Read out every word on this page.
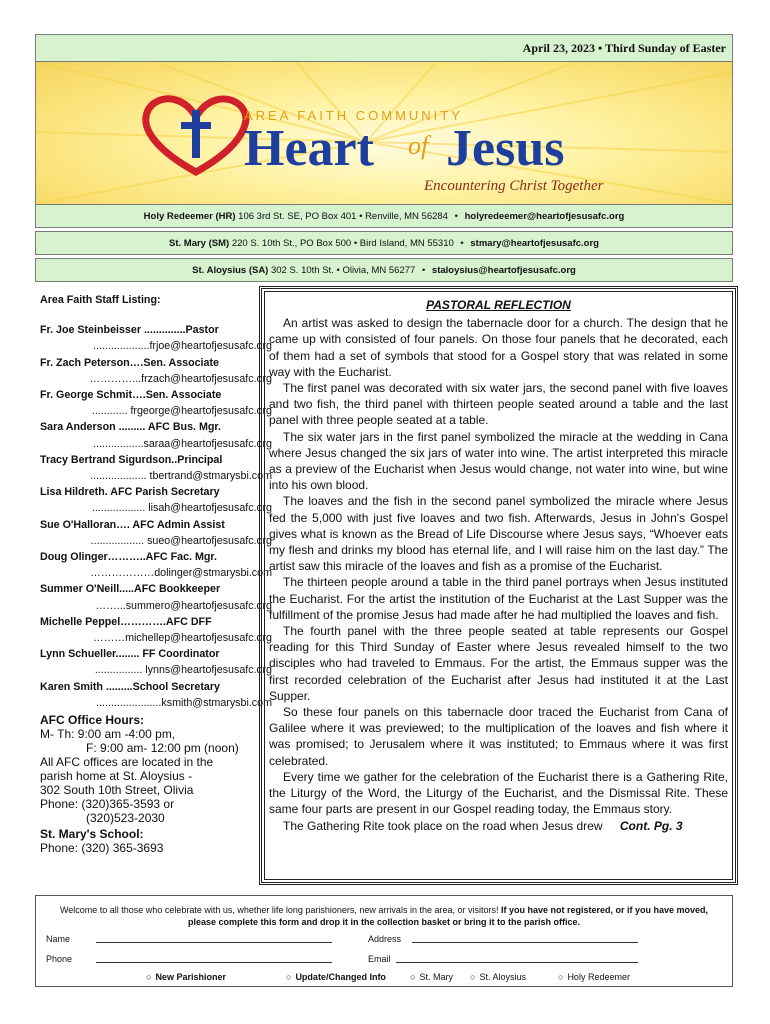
April 23, 2023 • Third Sunday of Easter
AREA FAITH COMMUNITY
Heart of Jesus
Encountering Christ Together
Holy Redeemer (HR) 106 3rd St. SE, PO Box 401 • Renville, MN 56284 • holyredeemer@heartofjesusafc.org
St. Mary (SM) 220 S. 10th St., PO Box 500 • Bird Island, MN 55310 • stmary@heartofjesusafc.org
St. Aloysius (SA) 302 S. 10th St. • Olivia, MN 56277 • staloysius@heartofjesusafc.org
Area Faith Staff Listing:
Fr. Joe Steinbeisser ..............Pastor
...................frjoe@heartofjesusafc.org
Fr. Zach Peterson….Sen. Associate
…………...frzach@heartofjesusafc.org
Fr. George Schmit….Sen. Associate
............ frgeorge@heartofjesusafc.org
Sara Anderson ......... AFC Bus. Mgr.
.................saraa@heartofjesusafc.org
Tracy Bertrand Sigurdson..Principal
................... tbertrand@stmarysbi.com
Lisa Hildreth. AFC Parish Secretary
.................. lisah@heartofjesusafc.org
Sue O'Halloran…. AFC Admin Assist
.................. sueo@heartofjesusafc.org
Doug Olinger………..AFC Fac. Mgr.
………………dolinger@stmarysbi.com
Summer O'Neill.....AFC Bookkeeper
……...summero@heartofjesusafc.org
Michelle Peppel………….AFC DFF
………michellep@heartofjesusafc.org
Lynn Schueller........ FF Coordinator
................ lynns@heartofjesusafc.org
Karen Smith .........School Secretary
......................ksmith@stmarysbi.com
AFC Office Hours:
M- Th: 9:00 am -4:00 pm,
F: 9:00 am- 12:00 pm (noon)
All AFC offices are located in the
parish home at St. Aloysius -
302 South 10th Street, Olivia
Phone: (320)365-3593 or
(320)523-2030
St. Mary's School:
Phone: (320) 365-3693
PASTORAL REFLECTION

An artist was asked to design the tabernacle door for a church. The design that he came up with consisted of four panels. On those four panels that he decorated, each of them had a set of symbols that stood for a Gospel story that was related in some way with the Eucharist.

The first panel was decorated with six water jars, the second panel with five loaves and two fish, the third panel with thirteen people seated around a table and the last panel with three people seated at a table.

The six water jars in the first panel symbolized the miracle at the wedding in Cana where Jesus changed the six jars of water into wine. The artist interpreted this miracle as a preview of the Eucharist when Jesus would change, not water into wine, but wine into his own blood.

The loaves and the fish in the second panel symbolized the miracle where Jesus fed the 5,000 with just five loaves and two fish. Afterwards, Jesus in John's Gospel gives what is known as the Bread of Life Discourse where Jesus says, “Whoever eats my flesh and drinks my blood has eternal life, and I will raise him on the last day.” The artist saw this miracle of the loaves and fish as a promise of the Eucharist.

The thirteen people around a table in the third panel portrays when Jesus instituted the Eucharist. For the artist the institution of the Eucharist at the Last Supper was the fulfillment of the promise Jesus had made after he had multiplied the loaves and fish.

The fourth panel with the three people seated at table represents our Gospel reading for this Third Sunday of Easter where Jesus revealed himself to the two disciples who had traveled to Emmaus. For the artist, the Emmaus supper was the first recorded celebration of the Eucharist after Jesus had instituted it at the Last Supper.

So these four panels on this tabernacle door traced the Eucharist from Cana of Galilee where it was previewed; to the multiplication of the loaves and fish where it was promised; to Jerusalem where it was instituted; to Emmaus where it was first celebrated.

Every time we gather for the celebration of the Eucharist there is a Gathering Rite, the Liturgy of the Word, the Liturgy of the Eucharist, and the Dismissal Rite. These same four parts are present in our Gospel reading today, the Emmaus story.

The Gathering Rite took place on the road when Jesus drew Cont. Pg. 3

Welcome to all those who celebrate with us, whether life long parishioners, new arrivals in the area, or visitors! If you have not registered, or if you have moved, please complete this form and drop it in the collection basket or bring it to the parish office.
Name	Address
Phone	Email
○ New Parishioner	○ Update/Changed Info	○ St. Mary ○ St. Aloysius	○ Holy Redeemer
